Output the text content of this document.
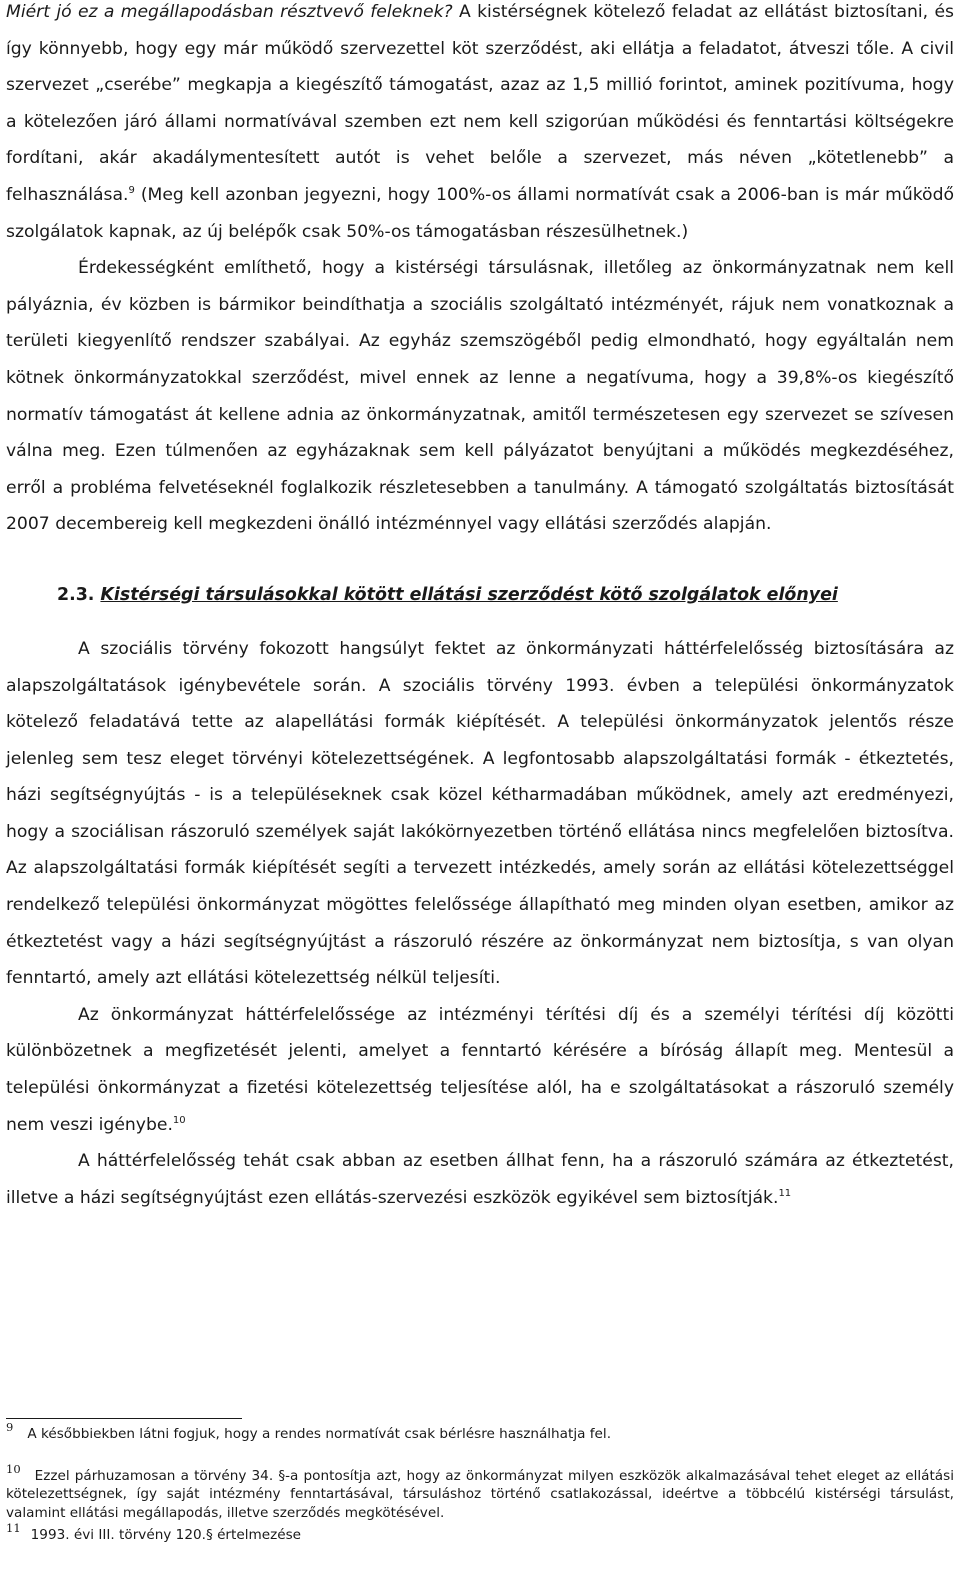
Miért jó ez a megállapodásban résztvevő feleknek? A kistérségnek kötelező feladat az ellátást biztosítani, és így könnyebb, hogy egy már működő szervezettel köt szerződést, aki ellátja a feladatot, átveszi tőle. A civil szervezet „cserébe” megkapja a kiegészítő támogatást, azaz az 1,5 millió forintot, aminek pozitívuma, hogy a kötelezően járó állami normatívával szemben ezt nem kell szigorúan működési és fenntartási költségekre fordítani, akár akadálymentesített autót is vehet belőle a szervezet, más néven „kötetlenebb” a felhasználása.$^9$ (Meg kell azonban jegyezni, hogy 100%-os állami normatívát csak a 2006-ban is már működő szolgálatok kapnak, az új belépők csak 50%-os támogatásban részesülhetnek.)

Érdekességként említhető, hogy a kistérségi társulásnak, illetőleg az önkormányzatnak nem kell pályáznia, év közben is bármikor beindíthatja a szociális szolgáltató intézményét, rájuk nem vonatkoznak a területi kiegyenlítő rendszer szabályai. Az egyház szemszögéből pedig elmondható, hogy egyáltalán nem kötnek önkormányzatokkal szerződést, mivel ennek az lenne a negatívuma, hogy a 39,8%-os kiegészítő normatív támogatást át kellene adnia az önkormányzatnak, amitől természetesen egy szervezet se szívesen válna meg. Ezen túlmenően az egyházaknak sem kell pályázatot benyújtani a működés megkezdéséhez, erről a probléma felvetéseknél foglalkozik részletesebben a tanulmány. A támogató szolgáltatás biztosítását 2007 decembereig kell megkezdeni önálló intézménnyel vagy ellátási szerződés alapján.

2.3. Kistérségi társulásokkal kötött ellátási szerződést kötő szolgálatok előnyei

A szociális törvény fokozott hangsúlyt fektet az önkormányzati háttérfelelősség biztosítására az alapszolgáltatások igénybevétele során. A szociális törvény 1993. évben a települési önkormányzatok kötelező feladatává tette az alapellátási formák kiépítését. A települési önkormányzatok jelentős része jelenleg sem tesz eleget törvényi kötelezettségének. A legfontosabb alapszolgáltatási formák - étkeztetés, házi segítségnyújtás - is a településeknek csak közel kétharmadában működnek, amely azt eredményezi, hogy a szociálisan rászoruló személyek saját lakókörnyezetben történő ellátása nincs megfelelően biztosítva. Az alapszolgáltatási formák kiépítését segíti a tervezett intézkedés, amely során az ellátási kötelezettséggel rendelkező települési önkormányzat mögöttes felelőssége állapítható meg minden olyan esetben, amikor az étkeztetést vagy a házi segítségnyújtást a rászoruló részére az önkormányzat nem biztosítja, s van olyan fenntartó, amely azt ellátási kötelezettség nélkül teljesíti.

Az önkormányzat háttérfelelőssége az intézményi térítési díj és a személyi térítési díj közötti különbözetnek a megfizetését jelenti, amelyet a fenntartó kérésére a bíróság állapít meg. Mentesül a települési önkormányzat a fizetési kötelezettség teljesítése alól, ha e szolgáltatásokat a rászoruló személy nem veszi igénybe.$^{10}$

A háttérfelelősség tehát csak abban az esetben állhat fenn, ha a rászoruló számára az étkeztetést, illetve a házi segítségnyújtást ezen ellátás-szervezési eszközök egyikével sem biztosítják.$^{11}$

$^9$ A későbbiekben látni fogjuk, hogy a rendes normatívát csak bérlésre használhatja fel.

$^{10}$ Ezzel párhuzamosan a törvény 34. §-a pontosítja azt, hogy az önkormányzat milyen eszközök alkalmazásával tehet eleget az ellátási kötelezettségnek, így saját intézmény fenntartásával, társuláshoz történő csatlakozással, ideértve a többcélú kistérségi társulást, valamint ellátási megállapodás, illetve szerződés megkötésével.

$^{11}$ 1993. évi III. törvény 120.§ értelmezése
